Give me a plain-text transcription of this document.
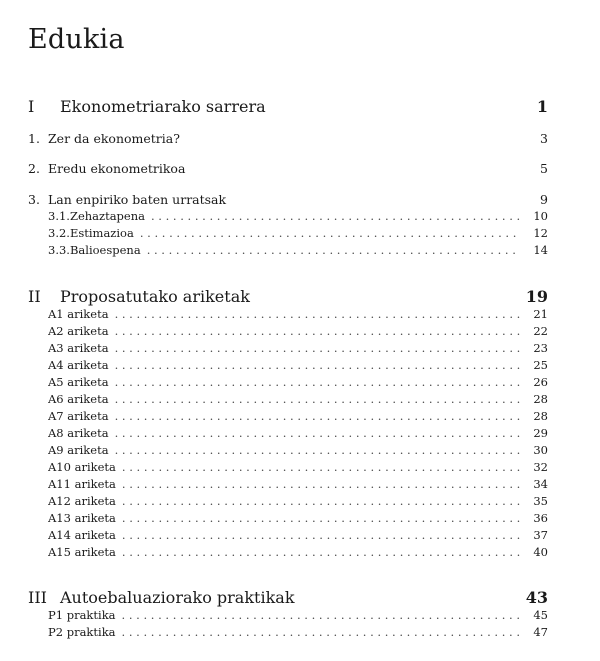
Edukia
I	Ekonometriarako sarrera	1
1. Zer da ekonometria?	3
2. Eredu ekonometrikoa	5
3. Lan enpiriko baten urratsak	9
3.1. Zehaztapena . . .	10
3.2. Estimazioa . . .	12
3.3. Balioespena . . .	14
II	Proposatutako ariketak	19
A1 ariketa . . .	21
A2 ariketa . . .	22
A3 ariketa . . .	23
A4 ariketa . . .	25
A5 ariketa . . .	26
A6 ariketa . . .	28
A7 ariketa . . .	28
A8 ariketa . . .	29
A9 ariketa . . .	30
A10 ariketa . . .	32
A11 ariketa . . .	34
A12 ariketa . . .	35
A13 ariketa . . .	36
A14 ariketa . . .	37
A15 ariketa . . .	40
III Autoebaluaziorako praktikak	43
P1 praktika . . .	45
P2 praktika . . .	47
